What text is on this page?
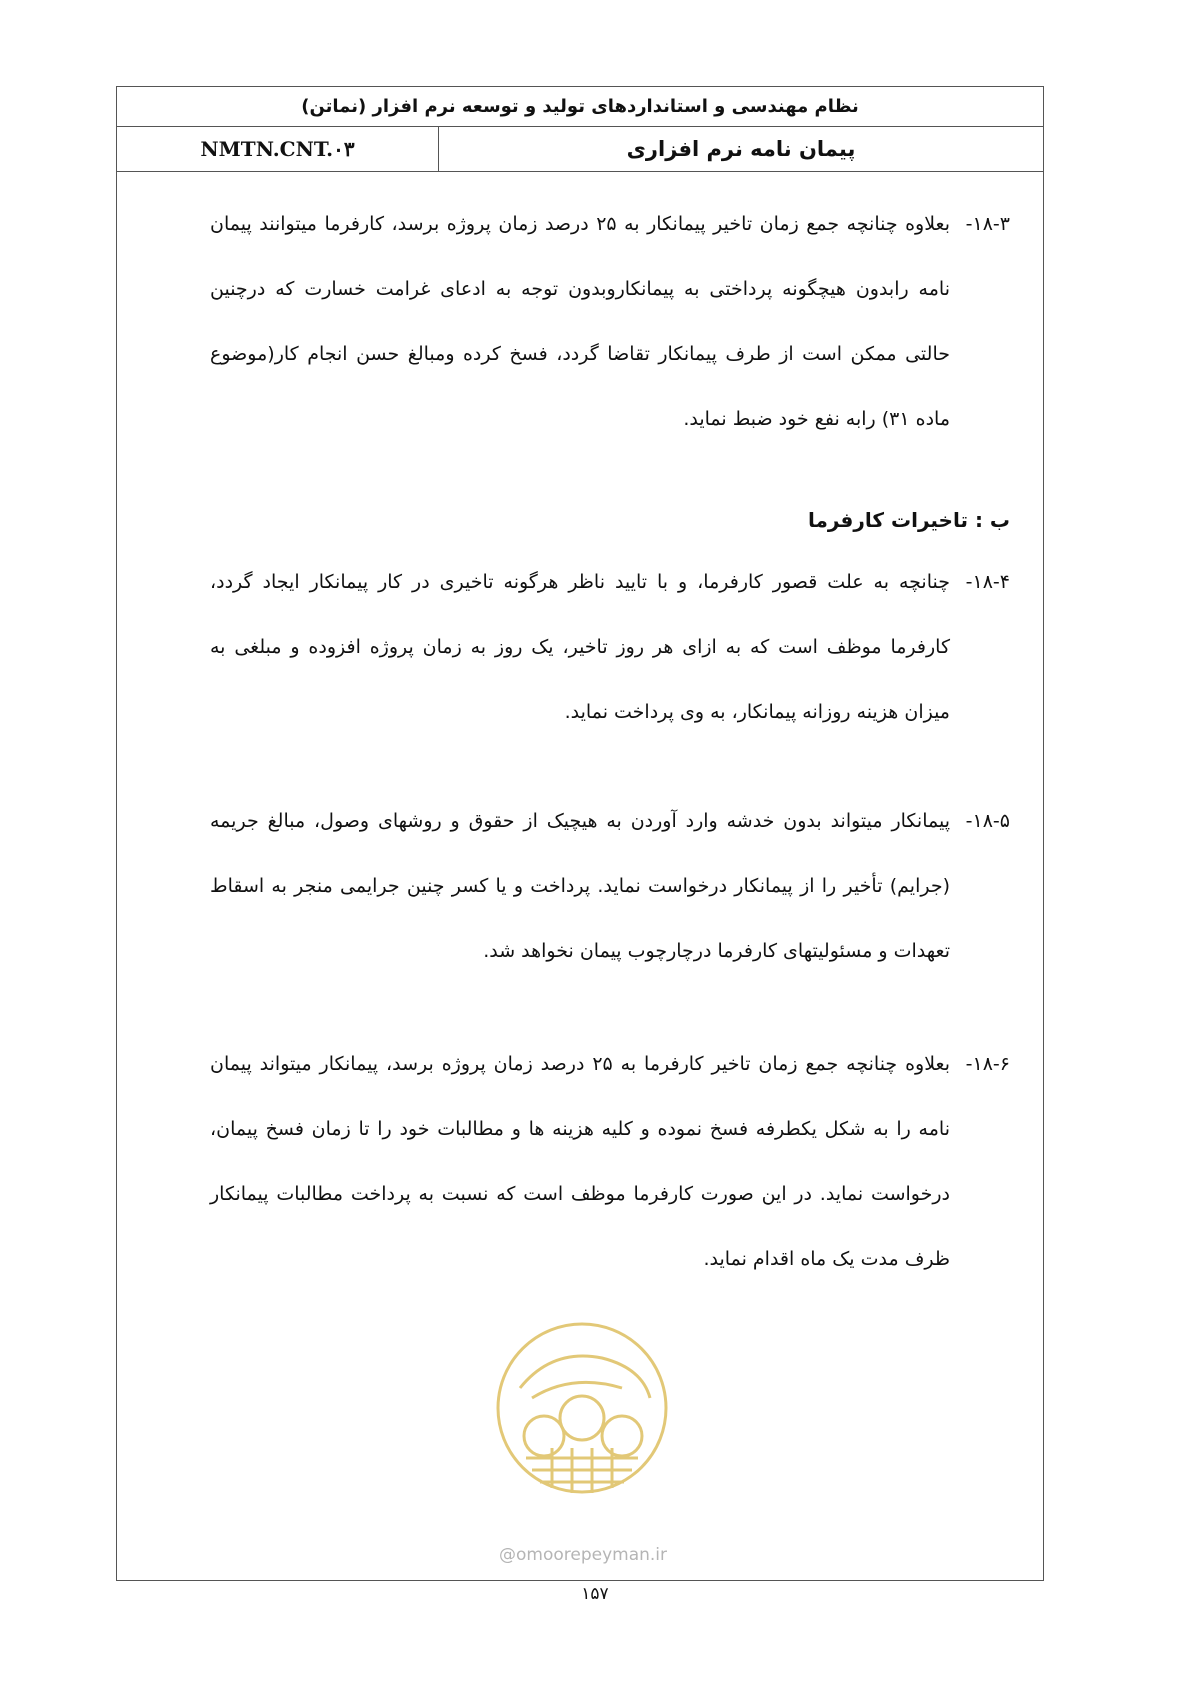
نظام مهندسی و استانداردهای تولید و توسعه نرم افزار (نماتن)
NMTN.CNT.۰۳	پیمان نامه نرم افزاری
۱۸-۳-
بعلاوه چنانچه جمع زمان تاخیر پیمانکار به ۲۵ درصد زمان پروژه برسد، کارفرما میتوانند پیمان نامه رابدون هیچگونه پرداختی به پیمانکاروبدون توجه به ادعای غرامت خسارت که درچنین حالتی ممکن است از طرف پیمانکار تقاضا گردد، فسخ کرده ومبالغ حسن انجام کار(موضوع ماده ۳۱) رابه نفع خود ضبط نماید.
ب : تاخیرات کارفرما
۱۸-۴-
چنانچه به علت قصور کارفرما، و با تایید ناظر هرگونه تاخیری در کار پیمانکار ایجاد گردد، کارفرما موظف است که به ازای هر روز تاخیر، یک روز به زمان پروژه افزوده و مبلغی به میزان هزینه روزانه پیمانکار، به وی پرداخت نماید.
۱۸-۵-
پیمانکار میتواند بدون خدشه وارد آوردن به هیچیک از حقوق و روشهای وصول، مبالغ جریمه (جرایم) تأخیر را از پیمانکار درخواست نماید. پرداخت و یا کسر چنین جرایمی منجر به اسقاط تعهدات و مسئولیتهای کارفرما درچارچوب پیمان نخواهد شد.
۱۸-۶-
بعلاوه چنانچه جمع زمان تاخیر کارفرما به ۲۵ درصد زمان پروژه برسد، پیمانکار میتواند پیمان نامه را به شکل یکطرفه فسخ نموده و کلیه هزینه ها و مطالبات خود را تا زمان فسخ پیمان، درخواست نماید. در این صورت کارفرما موظف است که نسبت به پرداخت مطالبات پیمانکار ظرف مدت یک ماه اقدام نماید.
@omoorepeyman.ir
۱۵۷
